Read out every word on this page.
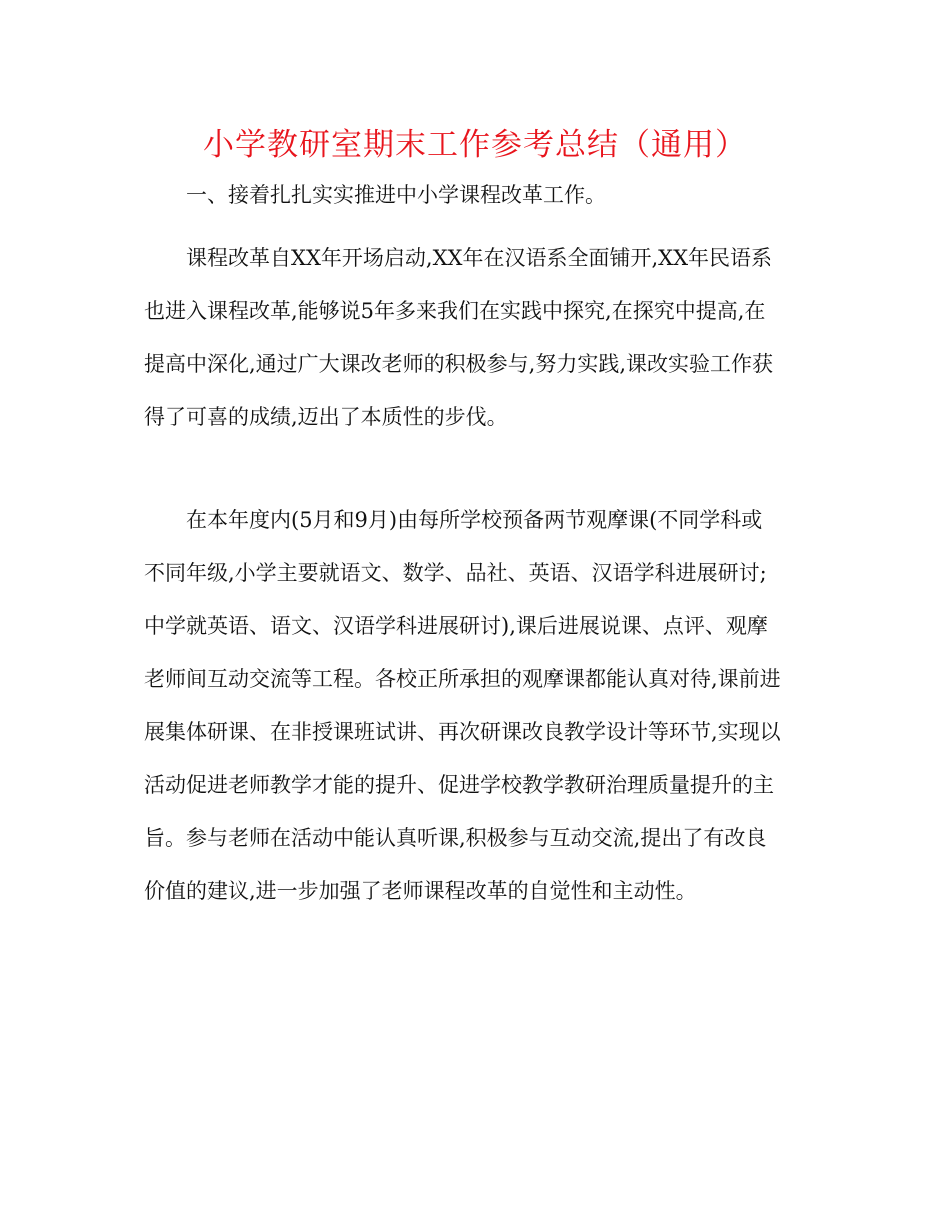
小学教研室期末工作参考总结（通用）
一、接着扎扎实实推进中小学课程改革工作。
课程改革自XX年开场启动,XX年在汉语系全面铺开,XX年民语系
也进入课程改革,能够说5年多来我们在实践中探究,在探究中提高,在
提高中深化,通过广大课改老师的积极参与,努力实践,课改实验工作获
得了可喜的成绩,迈出了本质性的步伐。
在本年度内(5月和9月)由每所学校预备两节观摩课(不同学科或
不同年级,小学主要就语文、数学、品社、英语、汉语学科进展研讨;
中学就英语、语文、汉语学科进展研讨),课后进展说课、点评、观摩
老师间互动交流等工程。各校正所承担的观摩课都能认真对待,课前进
展集体研课、在非授课班试讲、再次研课改良教学设计等环节,实现以
活动促进老师教学才能的提升、促进学校教学教研治理质量提升的主
旨。参与老师在活动中能认真听课,积极参与互动交流,提出了有改良
价值的建议,进一步加强了老师课程改革的自觉性和主动性。
